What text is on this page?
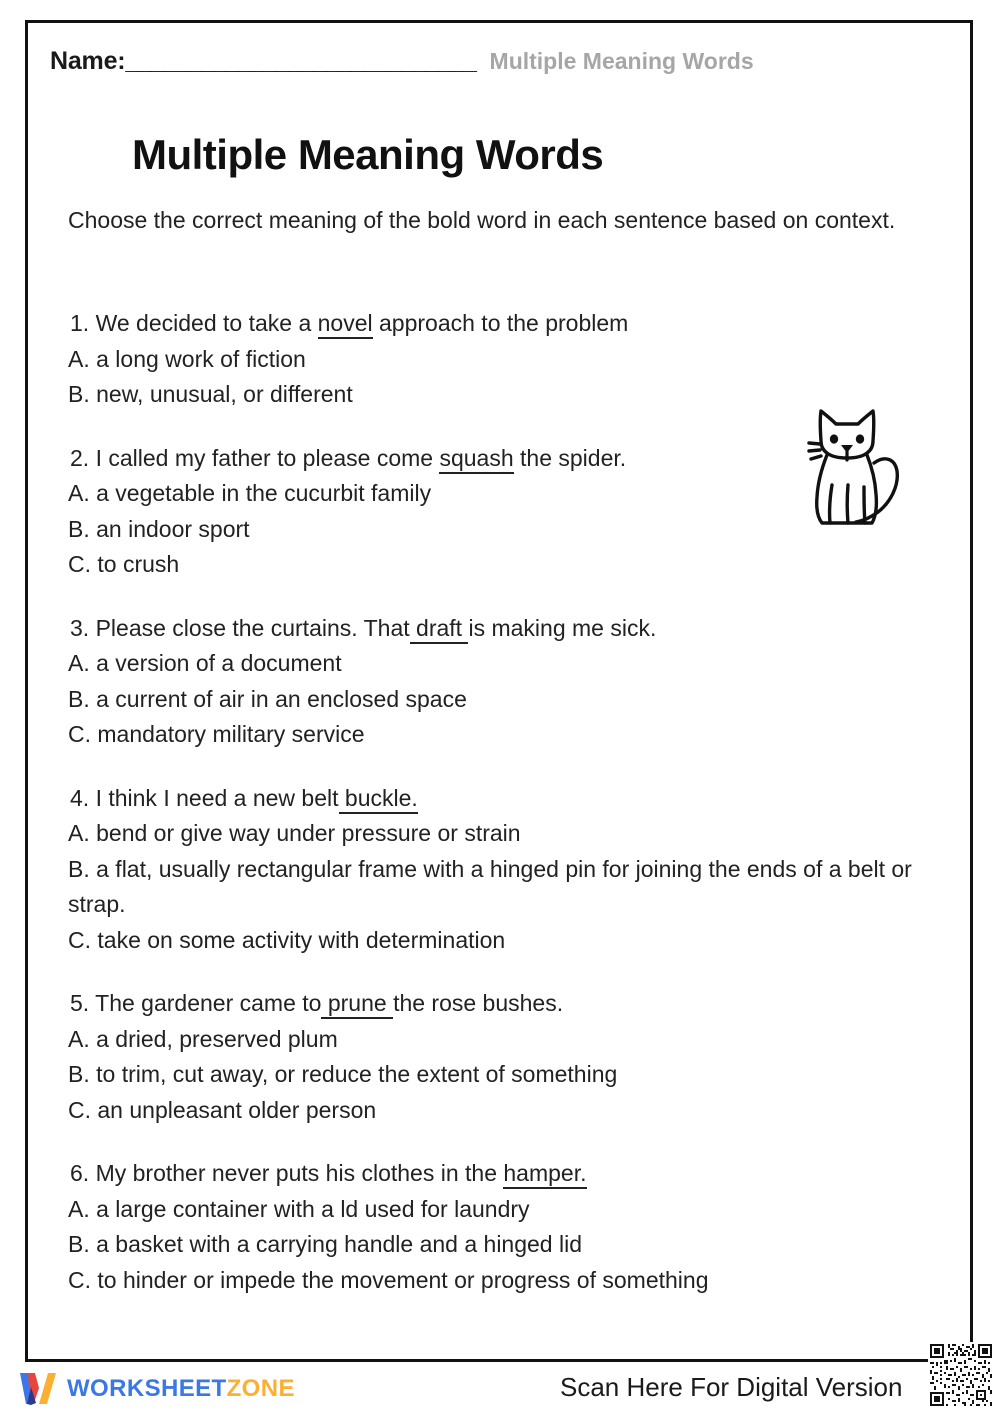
Name: ____________________________ Multiple Meaning Words
Multiple Meaning Words
Choose the correct meaning of the bold word in each sentence based on context.
1. We decided to take a novel approach to the problem
A. a long work of fiction
B. new, unusual, or different
2. I called my father to please come squash the spider.
A. a vegetable in the cucurbit family
B. an indoor sport
C. to crush
3. Please close the curtains. That draft is making me sick.
A. a version of a document
B. a current of air in an enclosed space
C. mandatory military service
4. I think I need a new belt buckle.
A. bend or give way under pressure or strain
B. a flat, usually rectangular frame with a hinged pin for joining the ends of a belt or strap.
C. take on some activity with determination
5. The gardener came to prune the rose bushes.
A. a dried, preserved plum
B. to trim, cut away, or reduce the extent of something
C. an unpleasant older person
6. My brother never puts his clothes in the hamper.
A. a large container with a ld used for laundry
B. a basket with a carrying handle and a hinged lid
C. to hinder or impede the movement or progress of something
WORKSHEETZONE	Scan Here For Digital Version
